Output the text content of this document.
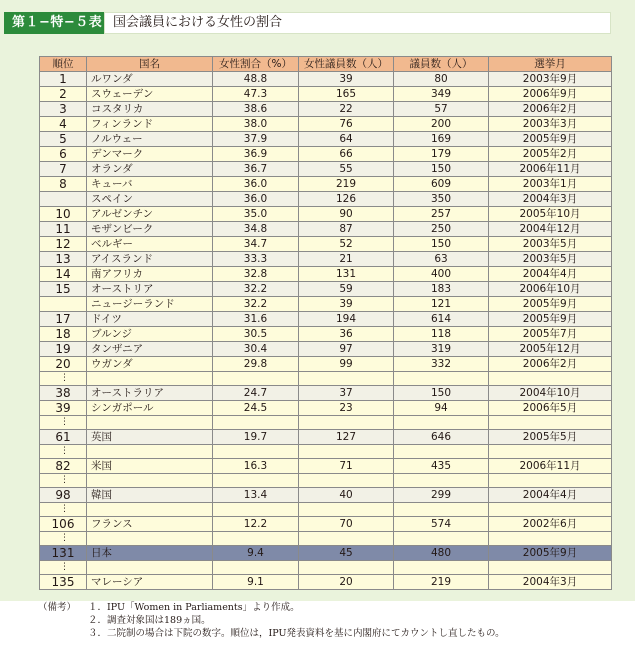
第１−特−５表 国会議員における女性の割合
順位	国名	女性割合（%）	女性議員数（人）	議員数（人）	選挙月
1	ルワンダ	48.8	39	80	2003年9月
2	スウェーデン	47.3	165	349	2006年9月
3	コスタリカ	38.6	22	57	2006年2月
4	フィンランド	38.0	76	200	2003年3月
5	ノルウェー	37.9	64	169	2005年9月
6	デンマーク	36.9	66	179	2005年2月
7	オランダ	36.7	55	150	2006年11月
8	キューバ	36.0	219	609	2003年1月
	スペイン	36.0	126	350	2004年3月
10	アルゼンチン	35.0	90	257	2005年10月
11	モザンビーク	34.8	87	250	2004年12月
12	ベルギー	34.7	52	150	2003年5月
13	アイスランド	33.3	21	63	2003年5月
14	南アフリカ	32.8	131	400	2004年4月
15	オーストリア	32.2	59	183	2006年10月
	ニュージーランド	32.2	39	121	2005年9月
17	ドイツ	31.6	194	614	2005年9月
18	ブルンジ	30.5	36	118	2005年7月
19	タンザニア	30.4	97	319	2005年12月
20	ウガンダ	29.8	99	332	2006年2月
⋮					
38	オーストラリア	24.7	37	150	2004年10月
39	シンガポール	24.5	23	94	2006年5月
⋮					
61	英国	19.7	127	646	2005年5月
⋮					
82	米国	16.3	71	435	2006年11月
⋮					
98	韓国	13.4	40	299	2004年4月
⋮					
106	フランス	12.2	70	574	2002年6月
⋮					
131	日本	9.4	45	480	2005年9月
⋮					
135	マレーシア	9.1	20	219	2004年3月
（備考） １．IPU「Women in Parliaments」より作成。
２．調査対象国は189ヵ国。
３．二院制の場合は下院の数字。順位は，IPU発表資料を基に内閣府にてカウントし直したもの。
